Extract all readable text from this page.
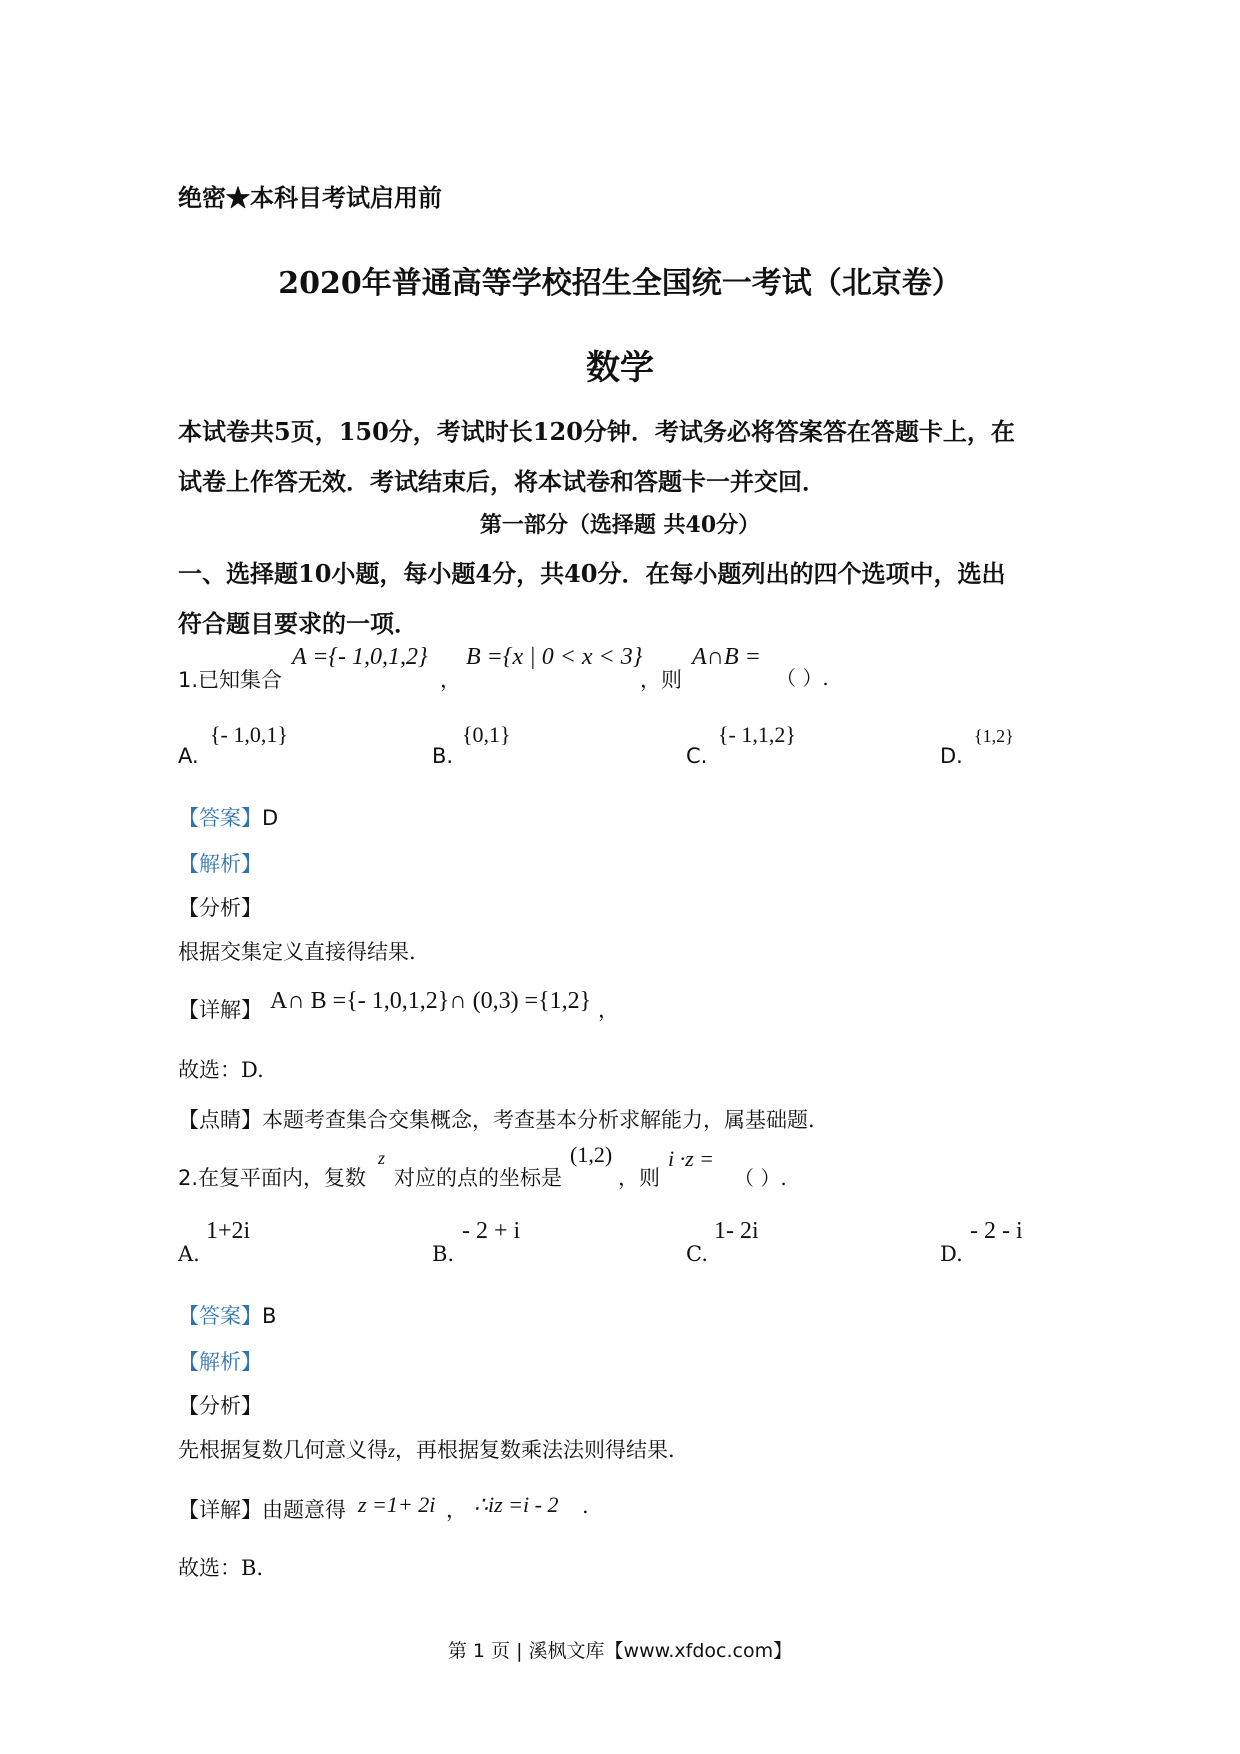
绝密★本科目考试启用前
2020年普通高等学校招生全国统一考试（北京卷）
数学
本试卷共5页，150分，考试时长120分钟．考试务必将答案答在答题卡上，在
试卷上作答无效．考试结束后，将本试卷和答题卡一并交回．
第一部分（选择题 共40分）
一、选择题10小题，每小题4分，共40分．在每小题列出的四个选项中，选出
符合题目要求的一项．
1.已知集合
A ={- 1,0,1,2}
，
B ={x | 0 < x < 3}
，则
A∩B =
（ ）.
A.
{- 1,0,1}
B.
{0,1}
C.
{- 1,1,2}
D.
{1,2}
【答案】D
【解析】
【分析】
根据交集定义直接得结果.
【详解】 A∩ B ={- 1,0,1,2}∩ (0,3) ={1,2} ，
故选：D.
【点睛】本题考查集合交集概念，考查基本分析求解能力，属基础题.
2.在复平面内，复数
z
对应的点的坐标是
(1,2)
，则
i ·z =
（ ）.
A.
1+2i
B.
- 2 + i
C.
1- 2i
D.
- 2 - i
【答案】B
【解析】
【分析】
先根据复数几何意义得z，再根据复数乘法法则得结果.
【详解】由题意得 z =1+ 2i ， ∴iz =i - 2 .
故选：B.
第 1 页 | 溪枫文库【www.xfdoc.com】
